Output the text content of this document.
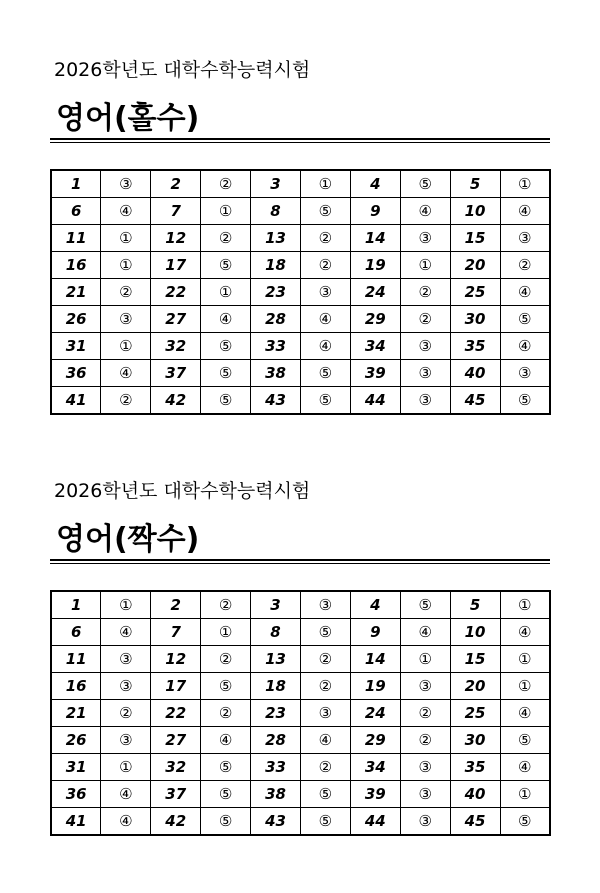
2026학년도 대학수학능력시험
영어(홀수)
1	③	2	②	3	①	4	⑤	5	①
6	④	7	①	8	⑤	9	④	10	④
11	①	12	②	13	②	14	③	15	③
16	①	17	⑤	18	②	19	①	20	②
21	②	22	①	23	③	24	②	25	④
26	③	27	④	28	④	29	②	30	⑤
31	①	32	⑤	33	④	34	③	35	④
36	④	37	⑤	38	⑤	39	③	40	③
41	②	42	⑤	43	⑤	44	③	45	⑤
2026학년도 대학수학능력시험
영어(짝수)
1	①	2	②	3	③	4	⑤	5	①
6	④	7	①	8	⑤	9	④	10	④
11	③	12	②	13	②	14	①	15	①
16	③	17	⑤	18	②	19	③	20	①
21	②	22	②	23	③	24	②	25	④
26	③	27	④	28	④	29	②	30	⑤
31	①	32	⑤	33	②	34	③	35	④
36	④	37	⑤	38	⑤	39	③	40	①
41	④	42	⑤	43	⑤	44	③	45	⑤
